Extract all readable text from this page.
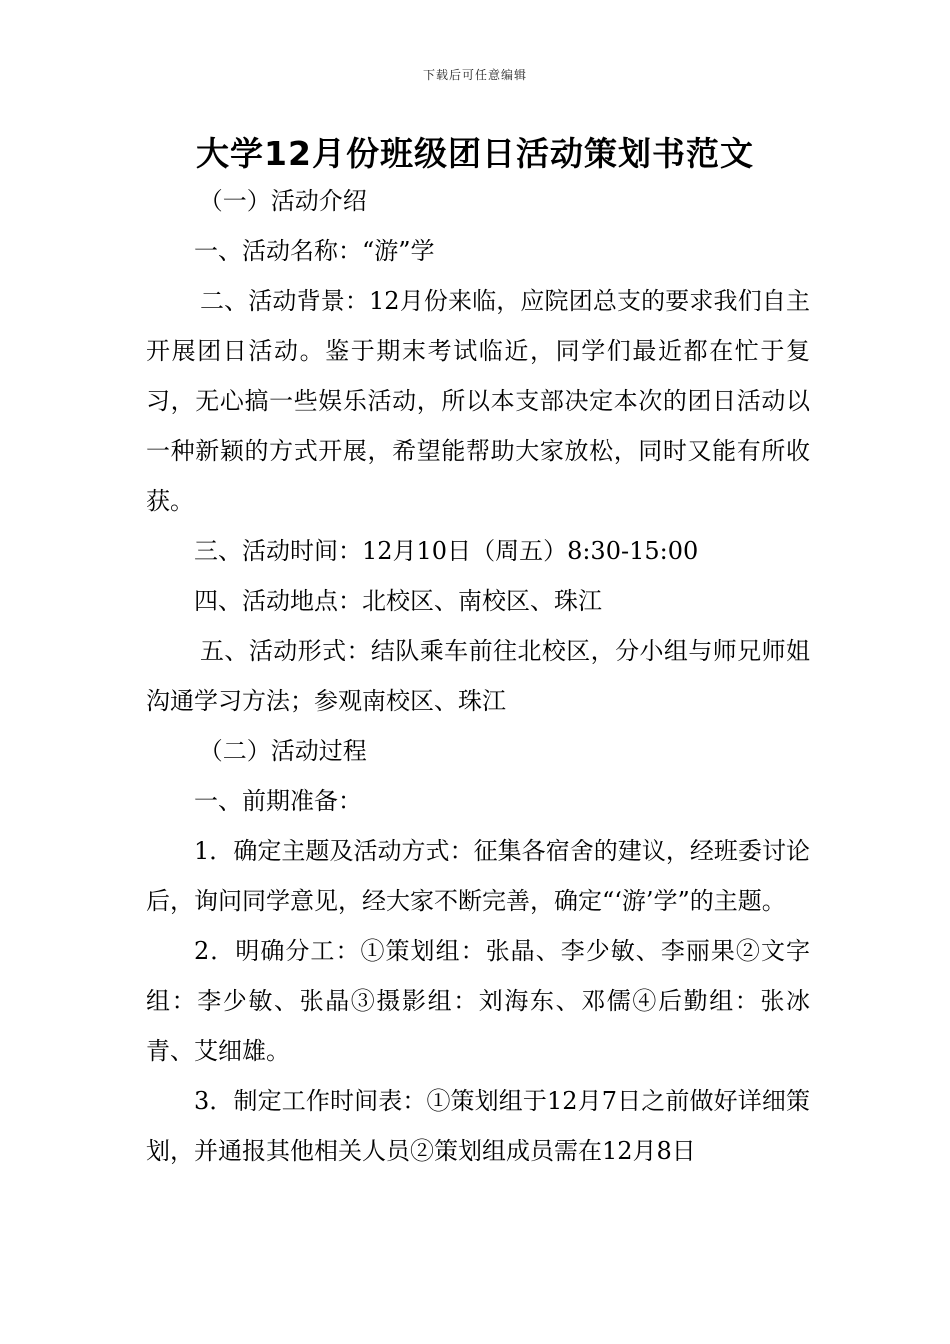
下载后可任意编辑
大学12月份班级团日活动策划书范文

（一）活动介绍

一、活动名称：“游”学

二、活动背景：12月份来临，应院团总支的要求我们自主开展团日活动。鉴于期末考试临近，同学们最近都在忙于复习，无心搞一些娱乐活动，所以本支部决定本次的团日活动以一种新颖的方式开展，希望能帮助大家放松，同时又能有所收获。

三、活动时间：12月10日（周五）8:30-15:00

四、活动地点：北校区、南校区、珠江

五、活动形式：结队乘车前往北校区，分小组与师兄师姐沟通学习方法；参观南校区、珠江

（二）活动过程

一、前期准备：

1．确定主题及活动方式：征集各宿舍的建议，经班委讨论后，询问同学意见，经大家不断完善，确定“‘游’学”的主题。

2．明确分工：①策划组：张晶、李少敏、李丽果②文字组：李少敏、张晶③摄影组：刘海东、邓儒④后勤组：张冰青、艾细雄。

3．制定工作时间表：①策划组于12月7日之前做好详细策划，并通报其他相关人员②策划组成员需在12月8日
